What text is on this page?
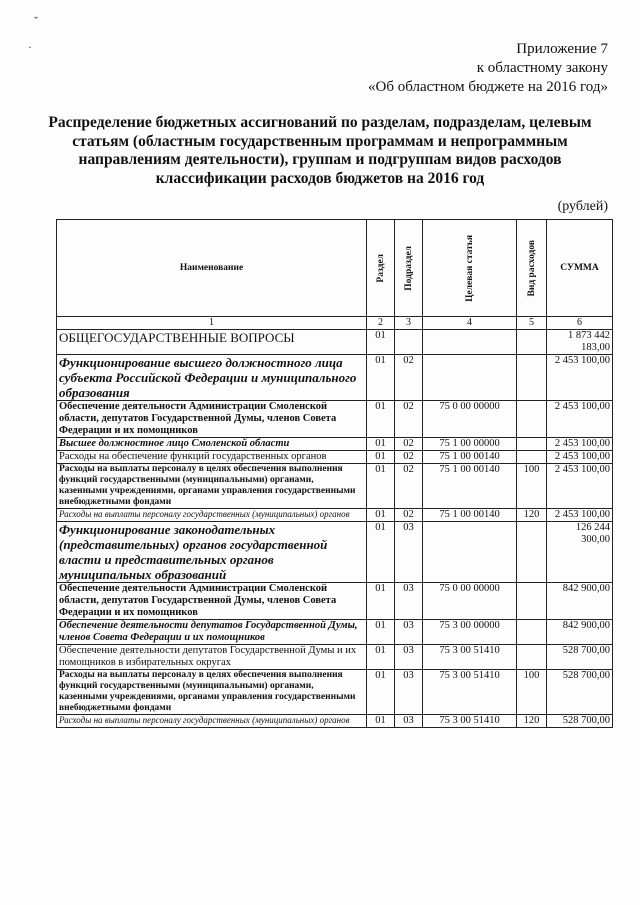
ˇ
·	Приложение 7
к областному закону
«Об областном бюджете на 2016 год»
Распределение бюджетных ассигнований по разделам, подразделам, целевым статьям (областным государственным программам и непрограммным направлениям деятельности), группам и подгруппам видов расходов классификации расходов бюджетов на 2016 год
(рублей)
Наименование	Раздел	Подраздел	Целевая статья	Вид расходов	СУММА
1	2	3	4	5	6
ОБЩЕГОСУДАРСТВЕННЫЕ ВОПРОСЫ	01				1 873 442 183,00
Функционирование высшего должностного лица субъекта Российской Федерации и муниципального образования	01	02			2 453 100,00
Обеспечение деятельности Администрации Смоленской области, депутатов Государственной Думы, членов Совета Федерации и их помощников	01	02	75 0 00 00000		2 453 100,00
Высшее должностное лицо Смоленской области	01	02	75 1 00 00000		2 453 100,00
Расходы на обеспечение функций государственных органов	01	02	75 1 00 00140		2 453 100,00
Расходы на выплаты персоналу в целях обеспечения выполнения функций государственными (муниципальными) органами, казенными учреждениями, органами управления государственными внебюджетными фондами	01	02	75 1 00 00140	100	2 453 100,00
Расходы на выплаты персоналу государственных (муниципальных) органов	01	02	75 1 00 00140	120	2 453 100,00
Функционирование законодательных (представительных) органов государственной власти и представительных органов муниципальных образований	01	03			126 244 300,00
Обеспечение деятельности Администрации Смоленской области, депутатов Государственной Думы, членов Совета Федерации и их помощников	01	03	75 0 00 00000		842 900,00
Обеспечение деятельности депутатов Государственной Думы, членов Совета Федерации и их помощников	01	03	75 3 00 00000		842 900,00
Обеспечение деятельности депутатов Государственной Думы и их помощников в избирательных округах	01	03	75 3 00 51410		528 700,00
Расходы на выплаты персоналу в целях обеспечения выполнения функций государственными (муниципальными) органами, казенными учреждениями, органами управления государственными внебюджетными фондами	01	03	75 3 00 51410	100	528 700,00
Расходы на выплаты персоналу государственных (муниципальных) органов	01	03	75 3 00 51410	120	528 700,00
